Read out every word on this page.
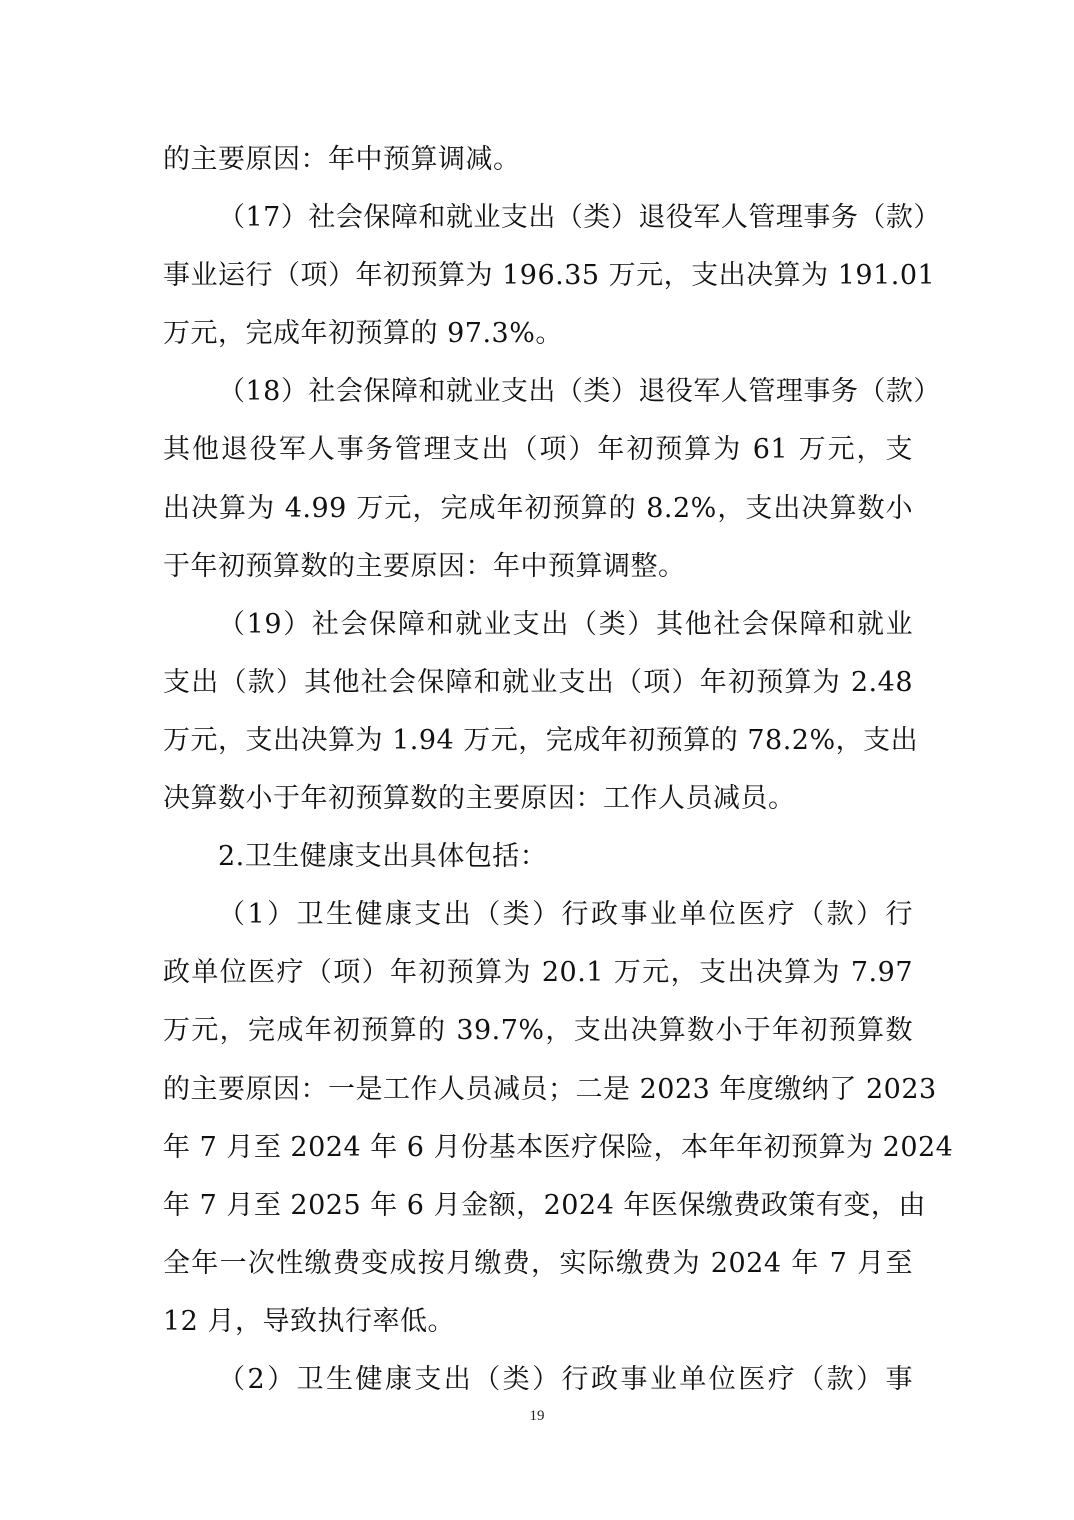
的主要原因：年中预算调减。
（17）社会保障和就业支出（类）退役军人管理事务（款）
事业运行（项）年初预算为 196.35 万元，支出决算为 191.01
万元，完成年初预算的 97.3%。
（18）社会保障和就业支出（类）退役军人管理事务（款）
其他退役军人事务管理支出（项）年初预算为 61 万元，支
出决算为 4.99 万元，完成年初预算的 8.2%，支出决算数小
于年初预算数的主要原因：年中预算调整。
（19）社会保障和就业支出（类）其他社会保障和就业
支出（款）其他社会保障和就业支出（项）年初预算为 2.48
万元，支出决算为 1.94 万元，完成年初预算的 78.2%，支出
决算数小于年初预算数的主要原因：工作人员减员。
2.卫生健康支出具体包括：
（1）卫生健康支出（类）行政事业单位医疗（款）行
政单位医疗（项）年初预算为 20.1 万元，支出决算为 7.97
万元，完成年初预算的 39.7%，支出决算数小于年初预算数
的主要原因：一是工作人员减员；二是 2023 年度缴纳了 2023
年 7 月至 2024 年 6 月份基本医疗保险，本年年初预算为 2024
年 7 月至 2025 年 6 月金额，2024 年医保缴费政策有变，由
全年一次性缴费变成按月缴费，实际缴费为 2024 年 7 月至
12 月，导致执行率低。
（2）卫生健康支出（类）行政事业单位医疗（款）事
19
